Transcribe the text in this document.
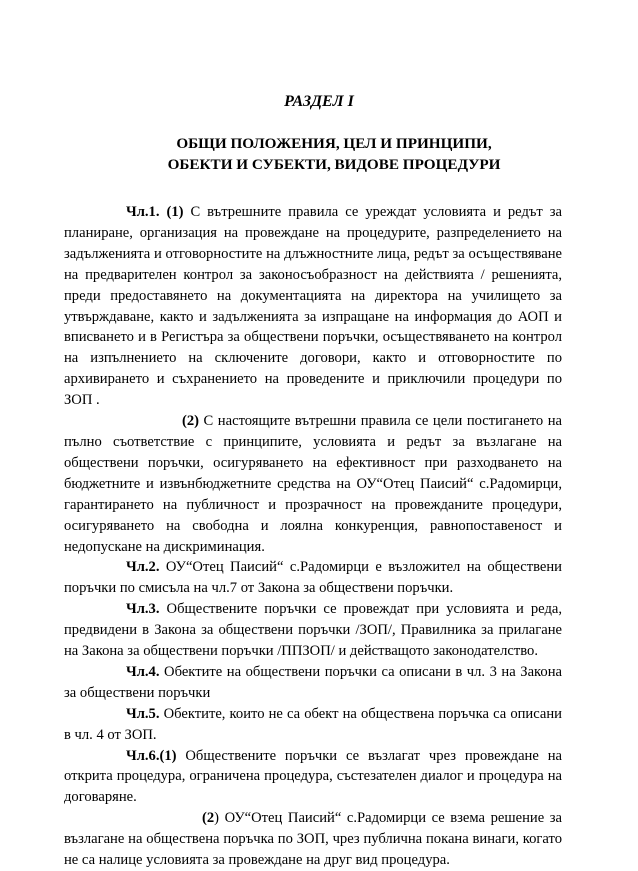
РАЗДЕЛ I
ОБЩИ ПОЛОЖЕНИЯ, ЦЕЛ И ПРИНЦИПИ,
ОБЕКТИ И СУБЕКТИ, ВИДОВЕ ПРОЦЕДУРИ

Чл.1. (1) С вътрешните правила се уреждат условията и редът за планиране, организация на провеждане на процедурите, разпределението на задълженията и отговорностите на длъжностните лица, редът за осъществяване на предварителен контрол за законосъобразност на действията / решенията, преди предоставянето на документацията на директора на училището за утвърждаване, както и задълженията за изпращане на информация до АОП и вписването и в Регистъра за обществени поръчки, осъществяването на контрол на изпълнението на сключените договори, както и отговорностите по архивирането и съхранението на проведените и приключили процедури по ЗОП .

(2) С настоящите вътрешни правила се цели постигането на пълно съответствие с принципите, условията и редът за възлагане на обществени поръчки, осигуряването на ефективност при разходването на бюджетните и извънбюджетните средства на ОУ“Отец Паисий“ с.Радомирци, гарантирането на публичност и прозрачност на провежданите процедури, осигуряването на свободна и лоялна конкуренция, равнопоставеност и недопускане на дискриминация.

Чл.2. ОУ“Отец Паисий“ с.Радомирци е възложител на обществени поръчки по смисъла на чл.7 от Закона за обществени поръчки.

Чл.3. Обществените поръчки се провеждат при условията и реда, предвидени в Закона за обществени поръчки /ЗОП/, Правилника за прилагане на Закона за обществени поръчки /ППЗОП/ и действащото законодателство.

Чл.4. Обектите на обществени поръчки са описани в чл. 3 на Закона за обществени поръчки

Чл.5. Обектите, които не са обект на обществена поръчка са описани в чл. 4 от ЗОП.

Чл.6.(1) Обществените поръчки се възлагат чрез провеждане на открита процедура, ограничена процедура, състезателен диалог и процедура на договаряне.

(2) ОУ“Отец Паисий“ с.Радомирци се взема решение за възлагане на обществена поръчка по ЗОП, чрез публична покана винаги, когато не са налице условията за провеждане на друг вид процедура.
